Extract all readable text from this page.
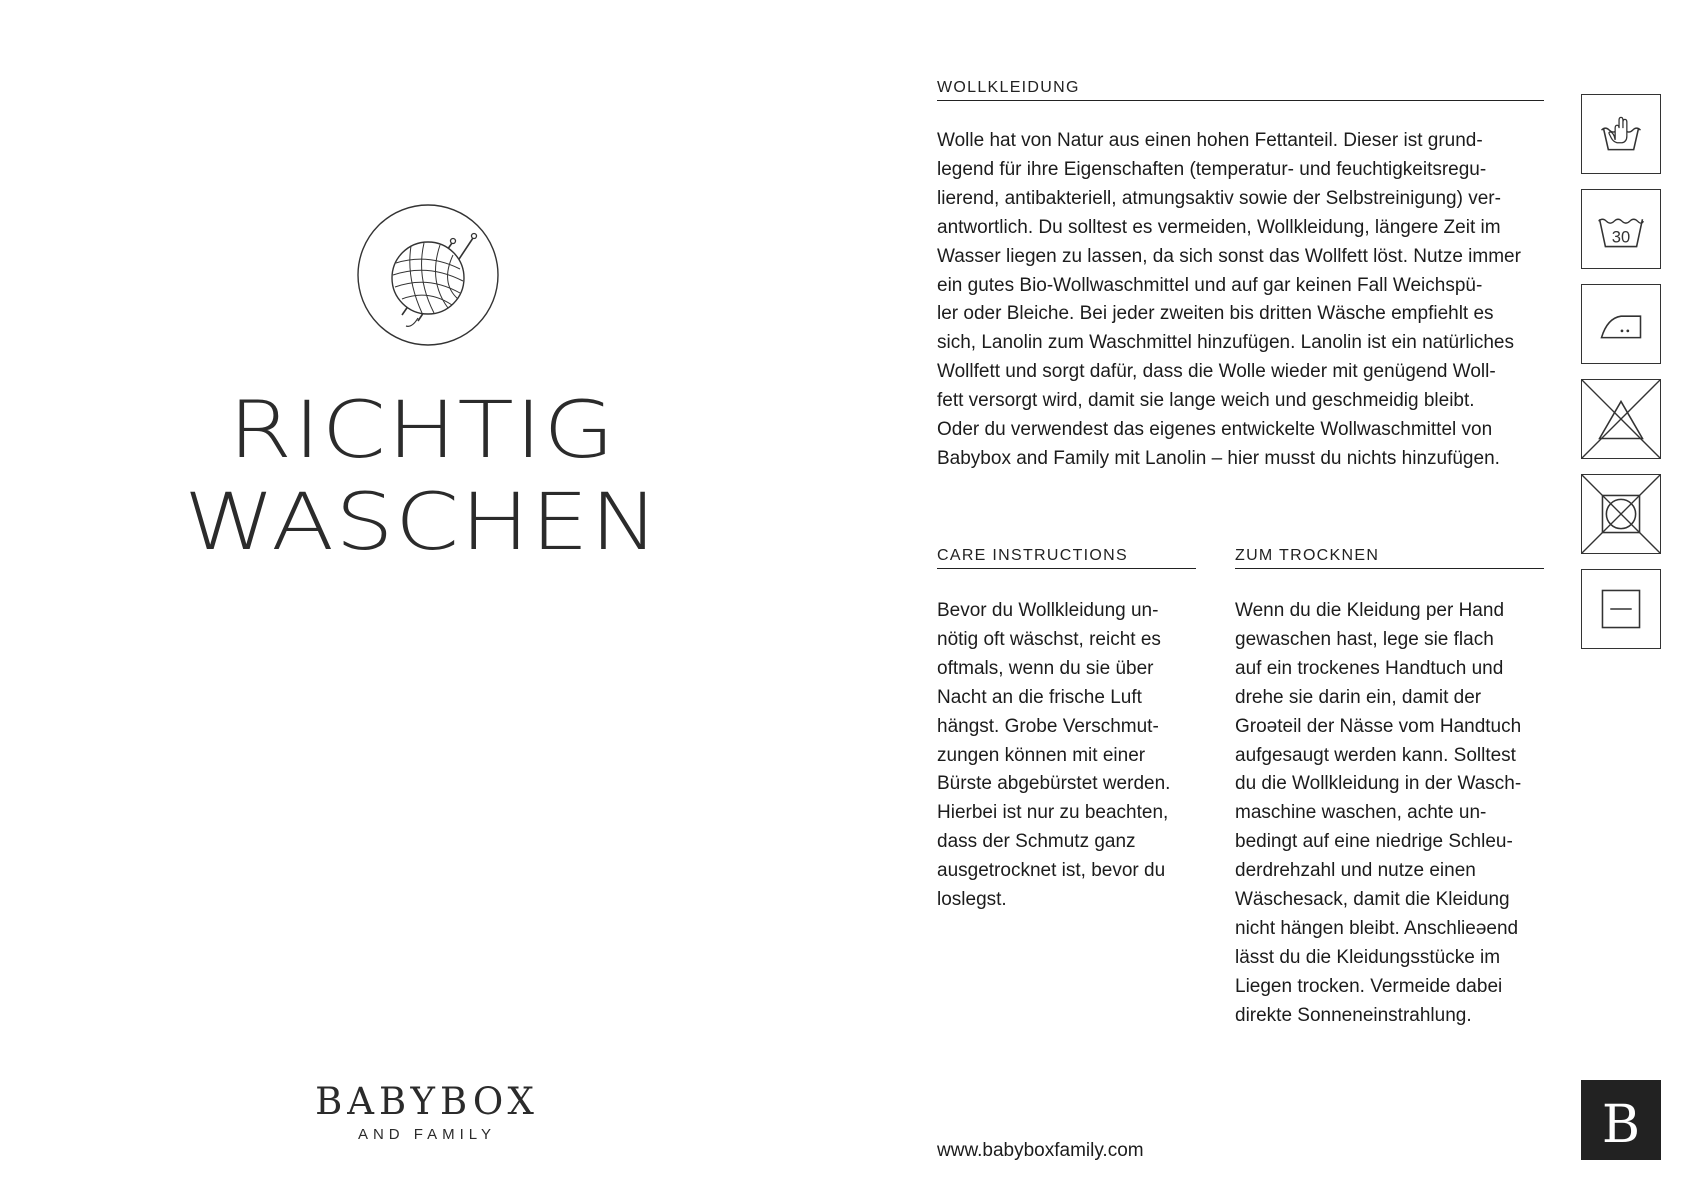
RICHTIG
WASCHEN
BABYBOX
AND FAMILY
WOLLKLEIDUNG
Wolle hat von Natur aus einen hohen Fettanteil. Dieser ist grund-
legend für ihre Eigenschaften (temperatur- und feuchtigkeitsregu-
lierend, antibakteriell, atmungsaktiv sowie der Selbstreinigung) ver-
antwortlich. Du solltest es vermeiden, Wollkleidung, längere Zeit im
Wasser liegen zu lassen, da sich sonst das Wollfett löst. Nutze immer
ein gutes Bio-Wollwaschmittel und auf gar keinen Fall Weichspü-
ler oder Bleiche. Bei jeder zweiten bis dritten Wäsche empfiehlt es
sich, Lanolin zum Waschmittel hinzufügen. Lanolin ist ein natürliches
Wollfett und sorgt dafür, dass die Wolle wieder mit genügend Woll-
fett versorgt wird, damit sie lange weich und geschmeidig bleibt.
Oder du verwendest das eigenes entwickelte Wollwaschmittel von
Babybox and Family mit Lanolin – hier musst du nichts hinzufügen.
CARE INSTRUCTIONS
Bevor du Wollkleidung un-
nötig oft wäschst, reicht es
oftmals, wenn du sie über
Nacht an die frische Luft
hängst. Grobe Verschmut-
zungen können mit einer
Bürste abgebürstet werden.
Hierbei ist nur zu beachten,
dass der Schmutz ganz
ausgetrocknet ist, bevor du
loslegst.
ZUM TROCKNEN
Wenn du die Kleidung per Hand
gewaschen hast, lege sie flach
auf ein trockenes Handtuch und
drehe sie darin ein, damit der
Groǝteil der Nässe vom Handtuch
aufgesaugt werden kann. Solltest
du die Wollkleidung in der Wasch-
maschine waschen, achte un-
bedingt auf eine niedrige Schleu-
derdrehzahl und nutze einen
Wäschesack, damit die Kleidung
nicht hängen bleibt. Anschlieǝend
lässt du die Kleidungsstücke im
Liegen trocken. Vermeide dabei
direkte Sonneneinstrahlung.
30
www.babyboxfamily.com	B
